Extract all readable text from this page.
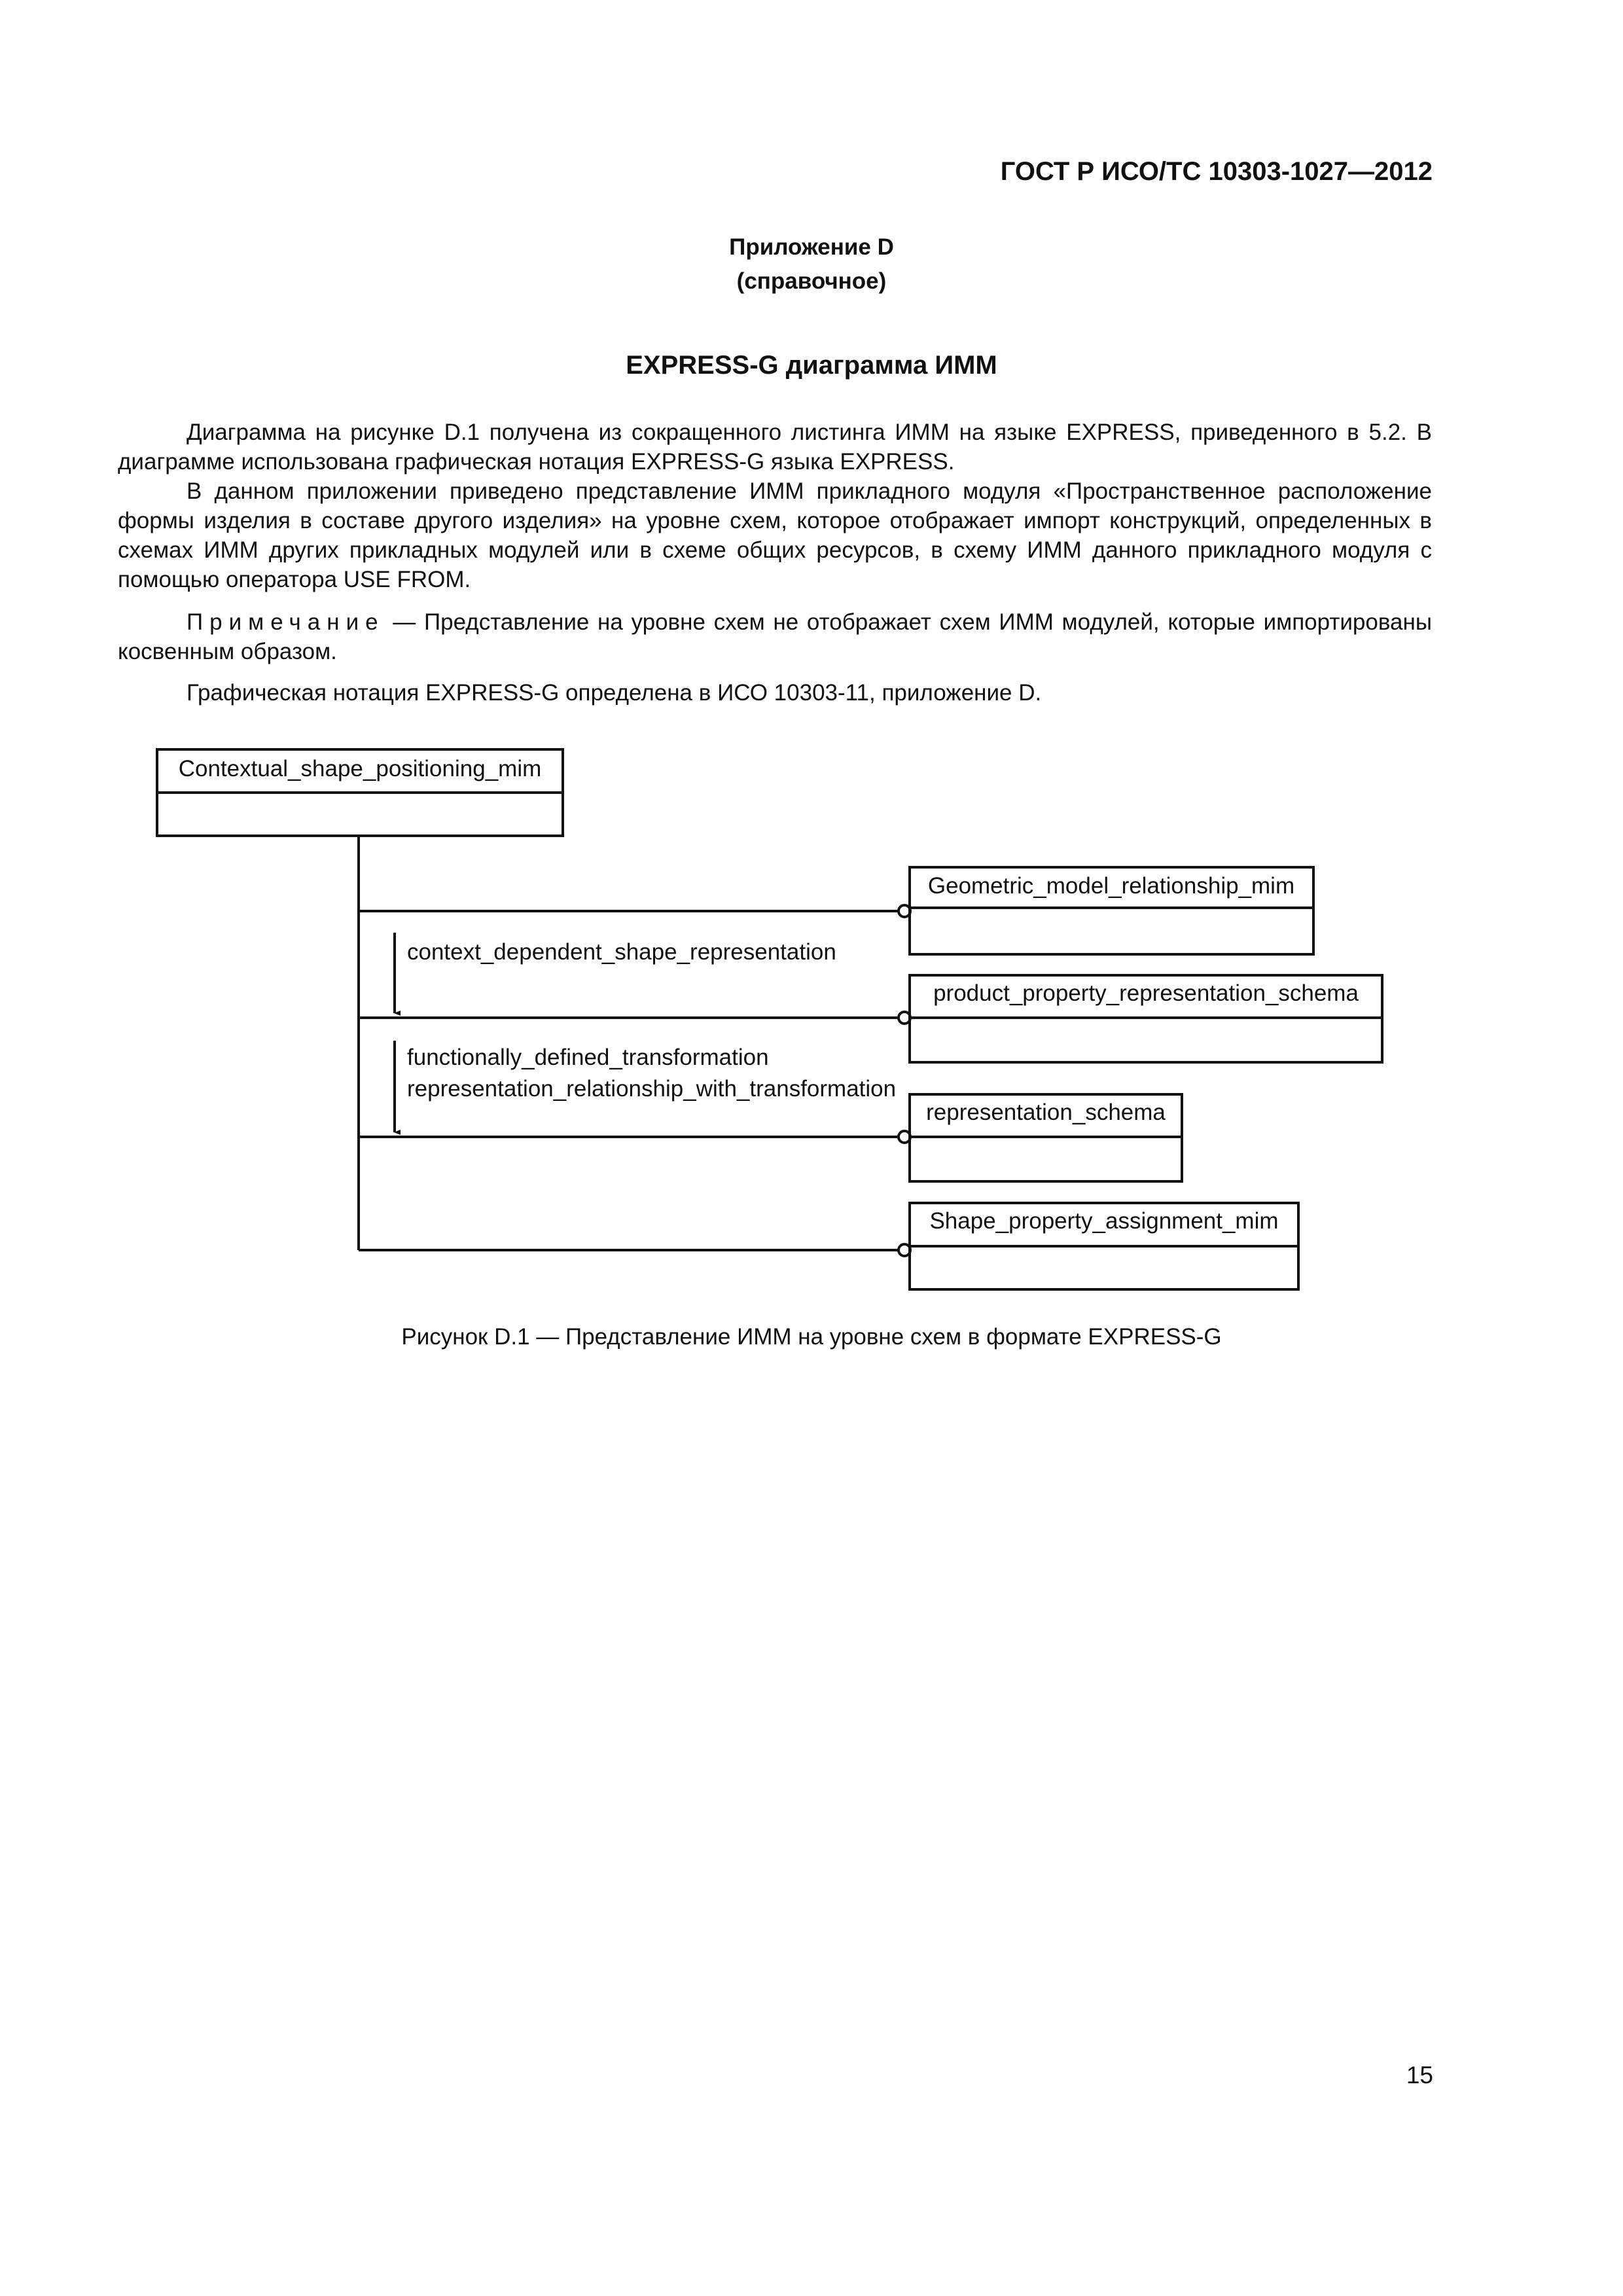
ГОСТ Р ИСО/ТС 10303-1027—2012
Приложение D
(справочное)
EXPRESS-G диаграмма ИММ

Диаграмма на рисунке D.1 получена из сокращенного листинга ИММ на языке EXPRESS, приведенного в 5.2. В диаграмме использована графическая нотация EXPRESS-G языка EXPRESS.

В данном приложении приведено представление ИММ прикладного модуля «Пространственное расположение формы изделия в составе другого изделия» на уровне схем, которое отображает импорт конструкций, определенных в схемах ИММ других прикладных модулей или в схеме общих ресурсов, в схему ИММ данного прикладного модуля с помощью оператора USE FROM.

Примечание — Представление на уровне схем не отображает схем ИММ модулей, которые импортированы косвенным образом.

Графическая нотация EXPRESS-G определена в ИСО 10303-11, приложение D.

Contextual_shape_positioning_mim
Geometric_model_relationship_mim
product_property_representation_schema
representation_schema
Shape_property_assignment_mim
context_dependent_shape_representation
functionally_defined_transformation
representation_relationship_with_transformation
Рисунок D.1 — Представление ИММ на уровне схем в формате EXPRESS-G
15
